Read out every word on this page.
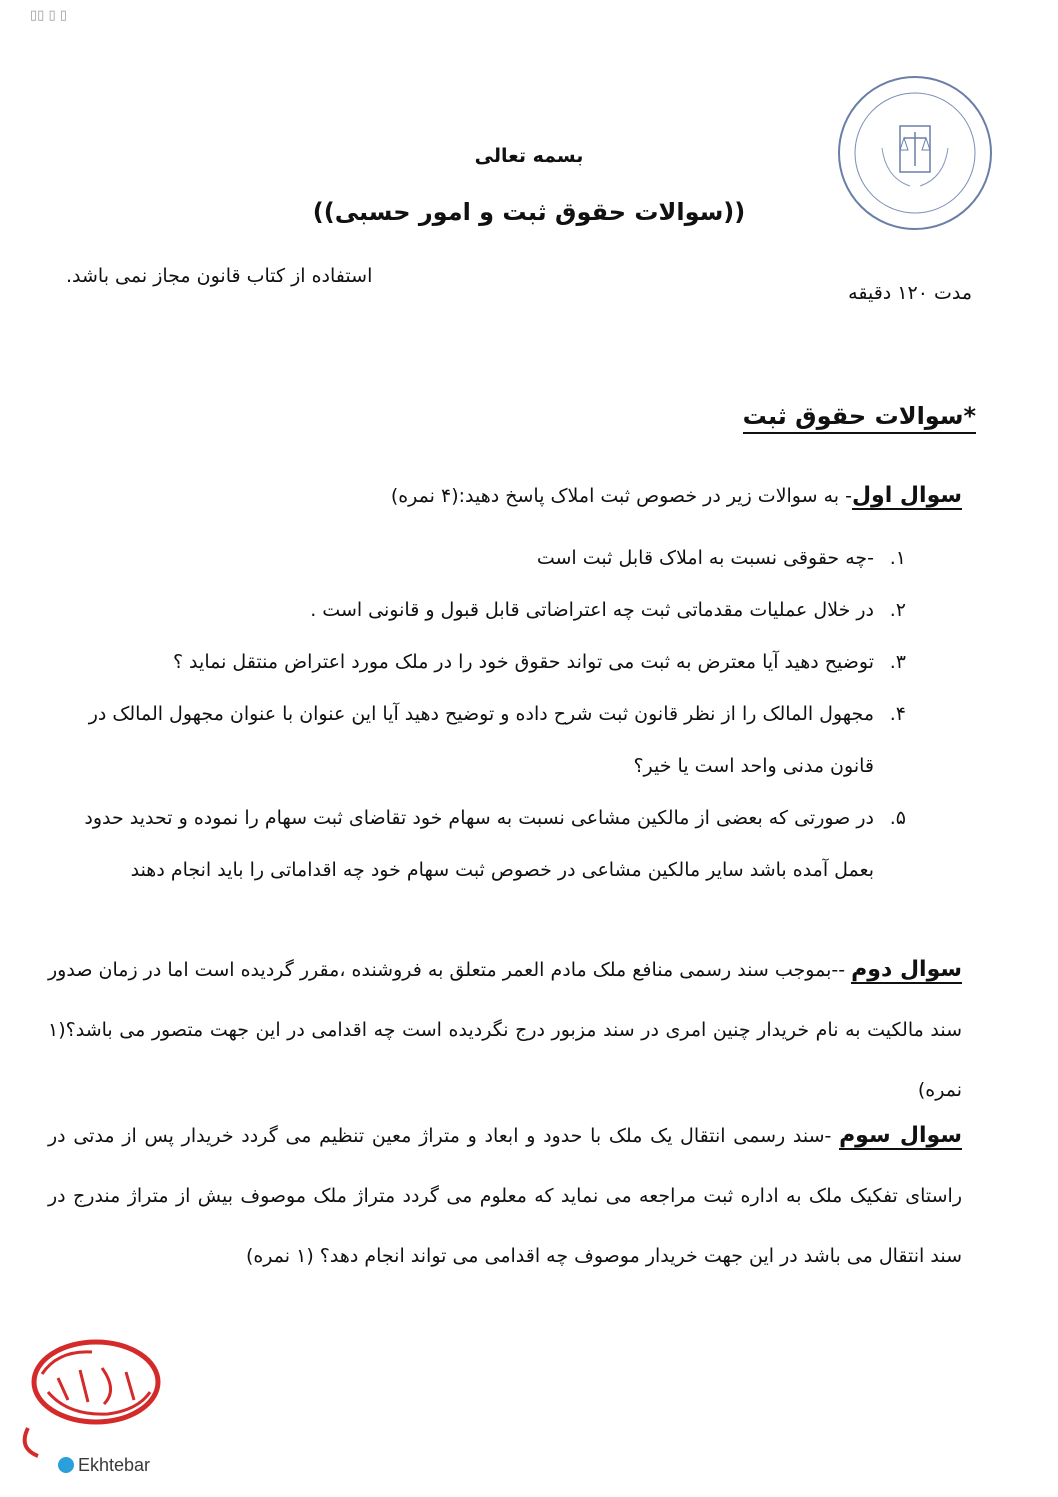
▯▯ ▯ ▯
بسمه تعالی
((سوالات حقوق ثبت و امور حسبی))
مدت ۱۲۰ دقیقه
استفاده از کتاب قانون مجاز نمی باشد.
*سوالات حقوق ثبت
سوال اول- به سوالات زیر در خصوص ثبت املاک پاسخ دهید:(۴ نمره)
۱.
-چه حقوقی نسبت به املاک قابل ثبت است
۲.
در خلال عملیات مقدماتی ثبت چه اعتراضاتی قابل قبول و قانونی است .
۳.
توضیح دهید آیا معترض به ثبت می تواند حقوق خود را در ملک مورد اعتراض منتقل نماید ؟
۴.
مجهول المالک را از نظر قانون ثبت شرح داده و توضیح دهید آیا این عنوان با عنوان مجهول المالک در قانون مدنی واحد است یا خیر؟
۵.
در صورتی که بعضی از مالکین مشاعی نسبت به سهام خود تقاضای ثبت سهام را نموده و تحدید حدود بعمل آمده باشد سایر مالکین مشاعی در خصوص ثبت سهام خود چه اقداماتی را باید انجام دهند
سوال دوم --بموجب سند رسمی منافع ملک مادم العمر متعلق به فروشنده ،مقرر گردیده است اما در زمان صدور سند مالکیت به نام خریدار چنین امری در سند مزبور درج نگردیده است چه اقدامی در این جهت متصور می باشد؟(۱ نمره)
سوال سوم -سند رسمی انتقال یک ملک با حدود و ابعاد و متراژ معین تنظیم می گردد خریدار پس از مدتی در راستای تفکیک ملک به اداره ثبت مراجعه می نماید که معلوم می گردد متراژ ملک موصوف بیش از متراژ مندرج در سند انتقال می باشد در این جهت خریدار موصوف چه اقدامی می تواند انجام دهد؟ (۱ نمره)
Ekhtebar
